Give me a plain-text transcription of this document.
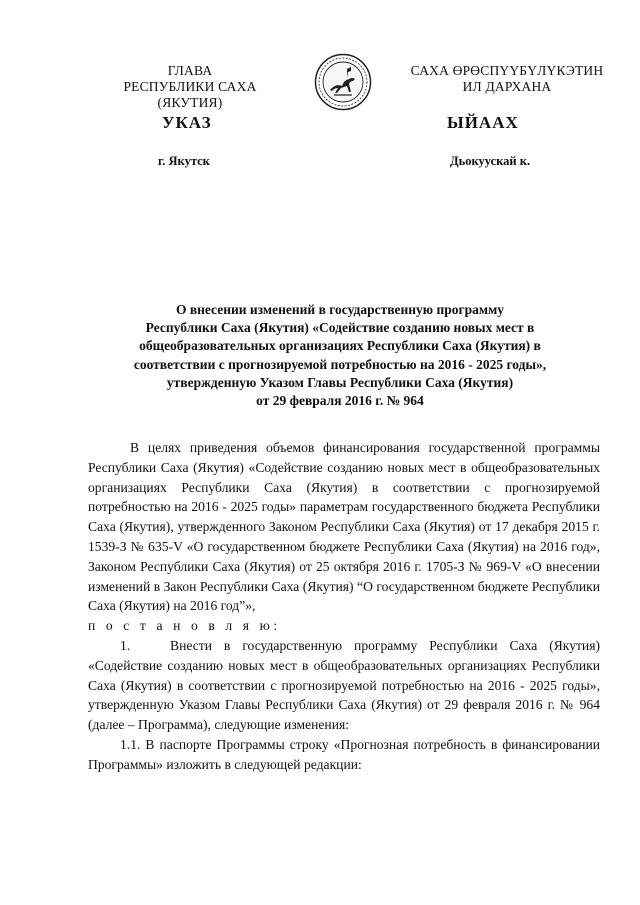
ГЛАВА
РЕСПУБЛИКИ САХА (ЯКУТИЯ)
САХА ӨРӨСПҮҮБҮЛҮКЭТИН
ИЛ ДАРХАНА
УКАЗ	ЫЙААХ
г. Якутск	Дьокуускай к.
О внесении изменений в государственную программу
Республики Саха (Якутия) «Содействие созданию новых мест в
общеобразовательных организациях Республики Саха (Якутия) в
соответствии с прогнозируемой потребностью на 2016 - 2025 годы»,
утвержденную Указом Главы Республики Саха (Якутия)
от 29 февраля 2016 г. № 964

В целях приведения объемов финансирования государственной программы Республики Саха (Якутия) «Содействие созданию новых мест в общеобразовательных организациях Республики Саха (Якутия) в соответствии с прогнозируемой потребностью на 2016 - 2025 годы» параметрам государственного бюджета Республики Саха (Якутия), утвержденного Законом Республики Саха (Якутия) от 17 декабря 2015 г. 1539-З № 635-V «О государственном бюджете Республики Саха (Якутия) на 2016 год», Законом Республики Саха (Якутия) от 25 октября 2016 г. 1705-З № 969-V «О внесении изменений в Закон Республики Саха (Якутия) “О государственном бюджете Республики Саха (Якутия) на 2016 год”»,

п о с т а н о в л я ю:

1.	Внести в государственную программу Республики Саха (Якутия) «Содействие созданию новых мест в общеобразовательных организациях Республики Саха (Якутия) в соответствии с прогнозируемой потребностью на 2016 - 2025 годы», утвержденную Указом Главы Республики Саха (Якутия) от 29 февраля 2016 г. № 964 (далее – Программа), следующие изменения:

1.1. В паспорте Программы строку «Прогнозная потребность в финансировании Программы» изложить в следующей редакции:
